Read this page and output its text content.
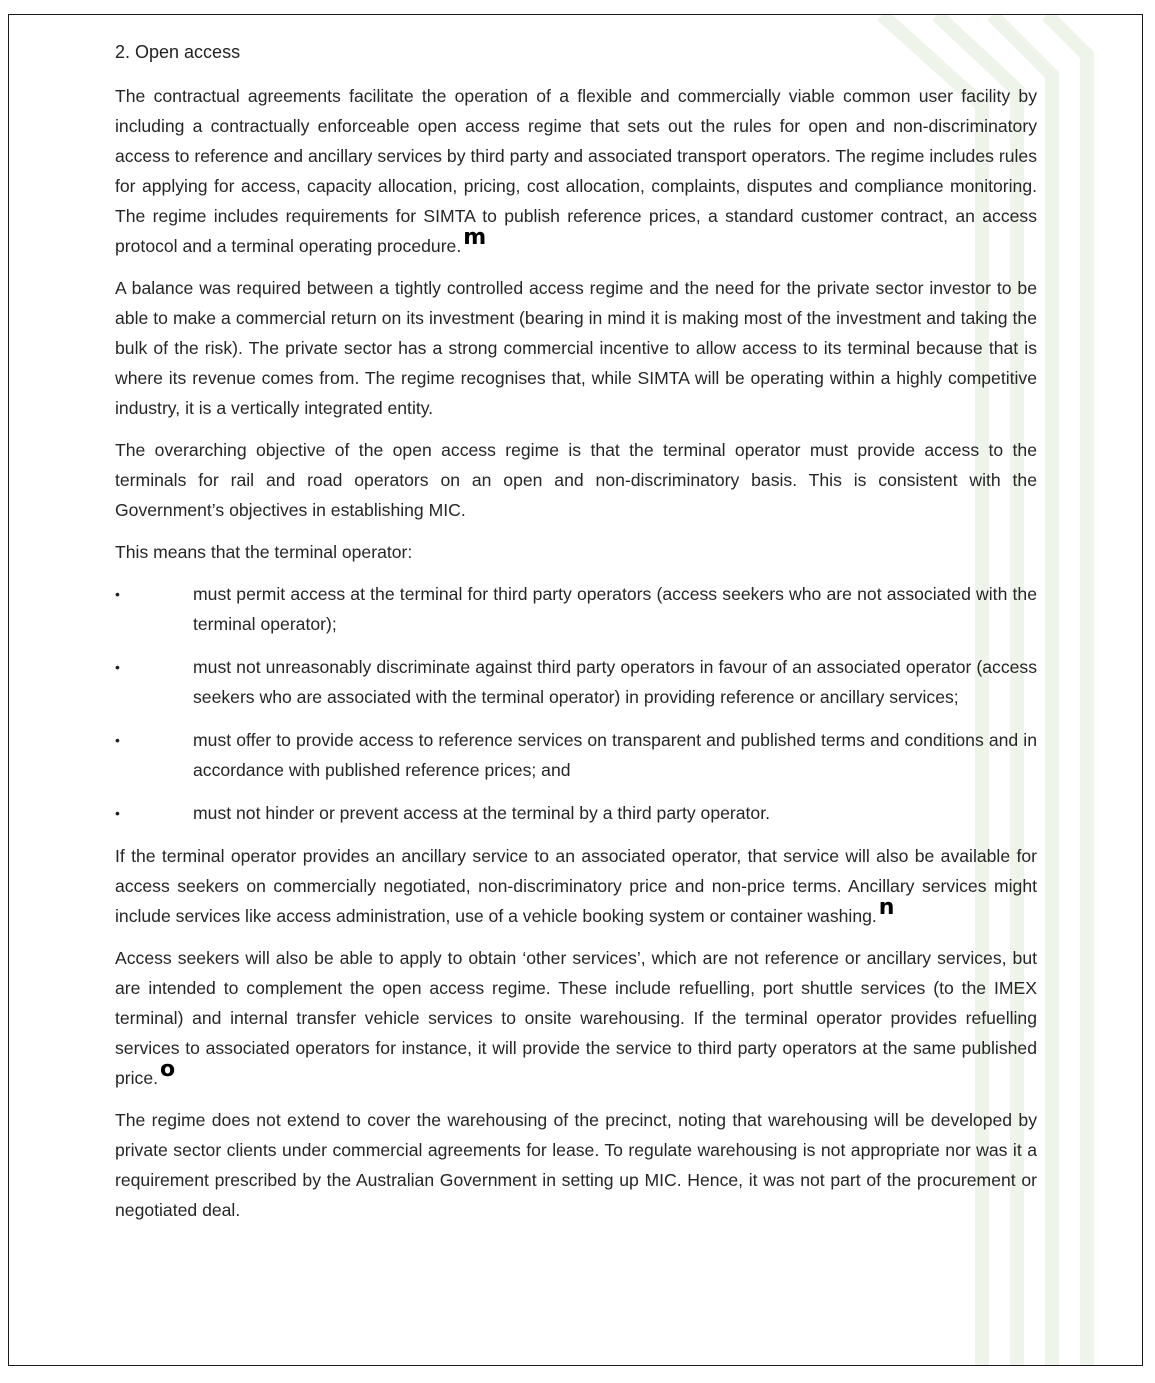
2. Open access

The contractual agreements facilitate the operation of a flexible and commercially viable common user facility by including a contractually enforceable open access regime that sets out the rules for open and non-discriminatory access to reference and ancillary services by third party and associated transport operators. The regime includes rules for applying for access, capacity allocation, pricing, cost allocation, complaints, disputes and compliance monitoring. The regime includes requirements for SIMTA to publish reference prices, a standard customer contract, an access protocol and a terminal operating procedure.m

A balance was required between a tightly controlled access regime and the need for the private sector investor to be able to make a commercial return on its investment (bearing in mind it is making most of the investment and taking the bulk of the risk). The private sector has a strong commercial incentive to allow access to its terminal because that is where its revenue comes from. The regime recognises that, while SIMTA will be operating within a highly competitive industry, it is a vertically integrated entity.

The overarching objective of the open access regime is that the terminal operator must provide access to the terminals for rail and road operators on an open and non-discriminatory basis. This is consistent with the Government’s objectives in establishing MIC.

This means that the terminal operator:

•	must permit access at the terminal for third party operators (access seekers who are not associated with the terminal operator);
•	must not unreasonably discriminate against third party operators in favour of an associated operator (access seekers who are associated with the terminal operator) in providing reference or ancillary services;
•	must offer to provide access to reference services on transparent and published terms and conditions and in accordance with published reference prices; and
•	must not hinder or prevent access at the terminal by a third party operator.

If the terminal operator provides an ancillary service to an associated operator, that service will also be available for access seekers on commercially negotiated, non-discriminatory price and non-price terms. Ancillary services might include services like access administration, use of a vehicle booking system or container washing.n

Access seekers will also be able to apply to obtain ‘other services’, which are not reference or ancillary services, but are intended to complement the open access regime. These include refuelling, port shuttle services (to the IMEX terminal) and internal transfer vehicle services to onsite warehousing. If the terminal operator provides refuelling services to associated operators for instance, it will provide the service to third party operators at the same published price.o

The regime does not extend to cover the warehousing of the precinct, noting that warehousing will be developed by private sector clients under commercial agreements for lease. To regulate warehousing is not appropriate nor was it a requirement prescribed by the Australian Government in setting up MIC. Hence, it was not part of the procurement or negotiated deal.
